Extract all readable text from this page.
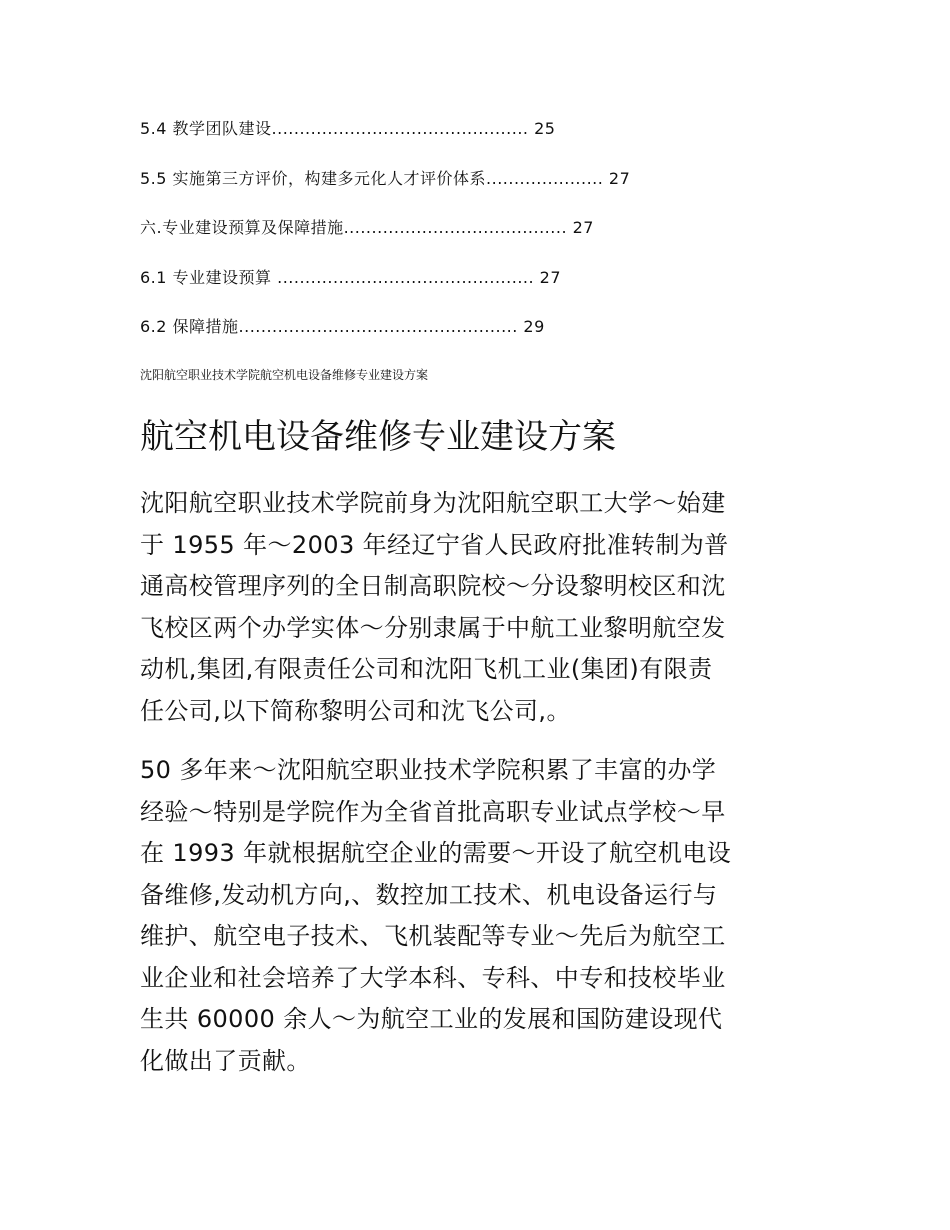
5.4 教学团队建设.............................................. 25
5.5 实施第三方评价，构建多元化人才评价体系..................... 27
六.专业建设预算及保障措施........................................ 27
6.1 专业建设预算 .............................................. 27
6.2 保障措施.................................................. 29
沈阳航空职业技术学院航空机电设备维修专业建设方案
航空机电设备维修专业建设方案

沈阳航空职业技术学院前身为沈阳航空职工大学～始建
于 1955 年～2003 年经辽宁省人民政府批准转制为普
通高校管理序列的全日制高职院校～分设黎明校区和沈
飞校区两个办学实体～分别隶属于中航工业黎明航空发
动机,集团,有限责任公司和沈阳飞机工业(集团)有限责
任公司,以下简称黎明公司和沈飞公司,。

50 多年来～沈阳航空职业技术学院积累了丰富的办学
经验～特别是学院作为全省首批高职专业试点学校～早
在 1993 年就根据航空企业的需要～开设了航空机电设
备维修,发动机方向,、数控加工技术、机电设备运行与
维护、航空电子技术、飞机装配等专业～先后为航空工
业企业和社会培养了大学本科、专科、中专和技校毕业
生共 60000 余人～为航空工业的发展和国防建设现代
化做出了贡献。
